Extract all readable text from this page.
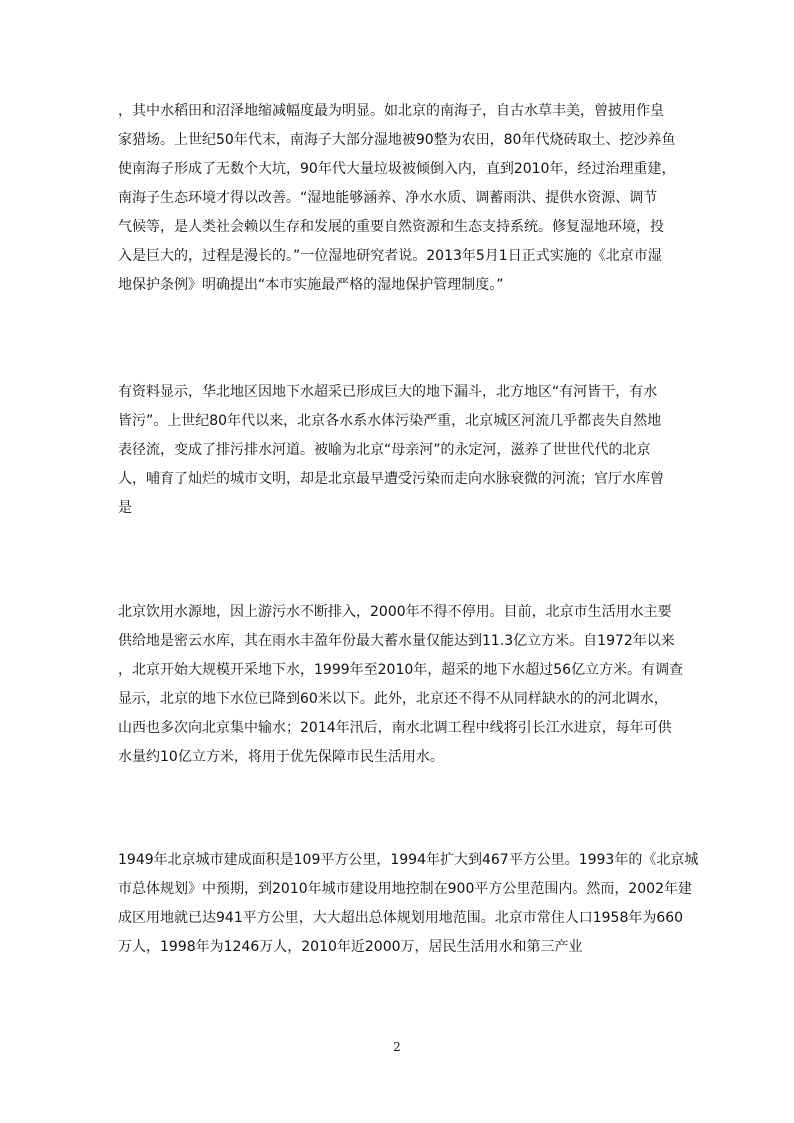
，其中水稻田和沼泽地缩减幅度最为明显。如北京的南海子，自古水草丰美，曾披用作皇
家猎场。上世纪50年代末，南海子大部分湿地被90整为农田，80年代烧砖取土、挖沙养鱼
使南海子形成了无数个大坑，90年代大量垃圾被倾倒入内，直到2010年，经过治理重建，
南海子生态环境才得以改善。“湿地能够涵养、净水水质、调蓄雨洪、提供水资源、调节
气候等，是人类社会赖以生存和发展的重要自然资源和生态支持系统。修复湿地环境，投
入是巨大的，过程是漫长的。”一位湿地研究者说。2013年5月1日正式实施的《北京市湿
地保护条例》明确提出“本市实施最严格的湿地保护管理制度。”
有资料显示，华北地区因地下水超采已形成巨大的地下漏斗，北方地区“有河皆干，有水
皆污”。上世纪80年代以来，北京各水系水体污染严重，北京城区河流几乎都丧失自然地
表径流，变成了排污排水河道。被喻为北京“母亲河”的永定河，滋养了世世代代的北京
人，哺育了灿烂的城市文明，却是北京最早遭受污染而走向水脉衰微的河流；官厅水库曾
是
北京饮用水源地，因上游污水不断排入，2000年不得不停用。目前，北京市生活用水主要
供给地是密云水库，其在雨水丰盈年份最大蓄水量仅能达到11.3亿立方米。自1972年以来
，北京开始大规模开采地下水，1999年至2010年，超采的地下水超过56亿立方米。有调查
显示，北京的地下水位已降到60米以下。此外，北京还不得不从同样缺水的的河北调水，
山西也多次向北京集中输水；2014年汛后，南水北调工程中线将引长江水进京，每年可供
水量约10亿立方米，将用于优先保障市民生活用水。
1949年北京城市建成面积是109平方公里，1994年扩大到467平方公里。1993年的《北京城
市总体规划》中预期，到2010年城市建设用地控制在900平方公里范围内。然而，2002年建
成区用地就已达941平方公里，大大超出总体规划用地范围。北京市常住人口1958年为660
万人，1998年为1246万人，2010年近2000万，居民生活用水和第三产业
2
